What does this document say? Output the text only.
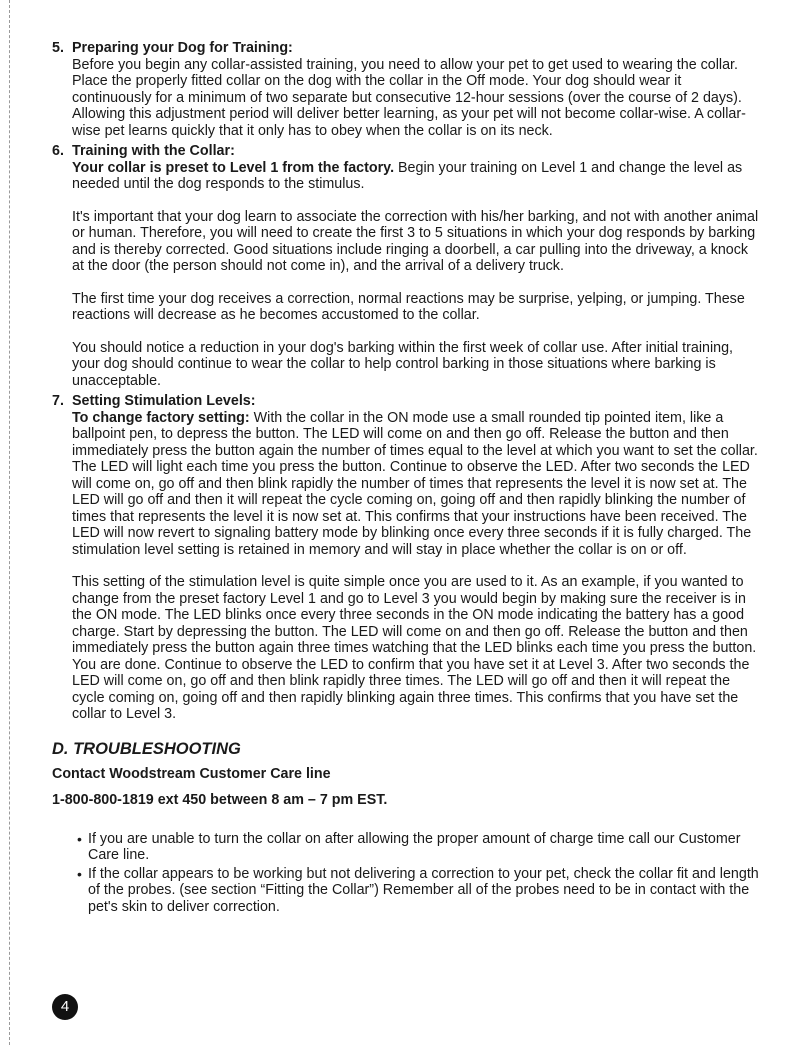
5. Preparing your Dog for Training:

Before you begin any collar-assisted training, you need to allow your pet to get used to wearing the collar. Place the properly fitted collar on the dog with the collar in the Off mode. Your dog should wear it continuously for a minimum of two separate but consecutive 12-hour sessions (over the course of 2 days). Allowing this adjustment period will deliver better learning, as your pet will not become collar-wise. A collar-wise pet learns quickly that it only has to obey when the collar is on its neck.

6. Training with the Collar:

Your collar is preset to Level 1 from the factory. Begin your training on Level 1 and change the level as needed until the dog responds to the stimulus.

It's important that your dog learn to associate the correction with his/her barking, and not with another animal or human. Therefore, you will need to create the first 3 to 5 situations in which your dog responds by barking and is thereby corrected. Good situations include ringing a doorbell, a car pulling into the driveway, a knock at the door (the person should not come in), and the arrival of a delivery truck.

The first time your dog receives a correction, normal reactions may be surprise, yelping, or jumping. These reactions will decrease as he becomes accustomed to the collar.

You should notice a reduction in your dog's barking within the first week of collar use. After initial training, your dog should continue to wear the collar to help control barking in those situations where barking is unacceptable.

7. Setting Stimulation Levels:

To change factory setting: With the collar in the ON mode use a small rounded tip pointed item, like a ballpoint pen, to depress the button. The LED will come on and then go off. Release the button and then immediately press the button again the number of times equal to the level at which you want to set the collar. The LED will light each time you press the button. Continue to observe the LED. After two seconds the LED will come on, go off and then blink rapidly the number of times that represents the level it is now set at. The LED will go off and then it will repeat the cycle coming on, going off and then rapidly blinking the number of times that represents the level it is now set at. This confirms that your instructions have been received. The LED will now revert to signaling battery mode by blinking once every three seconds if it is fully charged. The stimulation level setting is retained in memory and will stay in place whether the collar is on or off.

This setting of the stimulation level is quite simple once you are used to it. As an example, if you wanted to change from the preset factory Level 1 and go to Level 3 you would begin by making sure the receiver is in the ON mode. The LED blinks once every three seconds in the ON mode indicating the battery has a good charge. Start by depressing the button. The LED will come on and then go off. Release the button and then immediately press the button again three times watching that the LED blinks each time you press the button. You are done. Continue to observe the LED to confirm that you have set it at Level 3. After two seconds the LED will come on, go off and then blink rapidly three times. The LED will go off and then it will repeat the cycle coming on, going off and then rapidly blinking again three times. This confirms that you have set the collar to Level 3.

D. TROUBLESHOOTING
Contact Woodstream Customer Care line
1-800-800-1819 ext 450 between 8 am – 7 pm EST.
• If you are unable to turn the collar on after allowing the proper amount of charge time call our Customer Care line.
• If the collar appears to be working but not delivering a correction to your pet, check the collar fit and length of the probes. (see section “Fitting the Collar”) Remember all of the probes need to be in contact with the pet's skin to deliver correction.
4
